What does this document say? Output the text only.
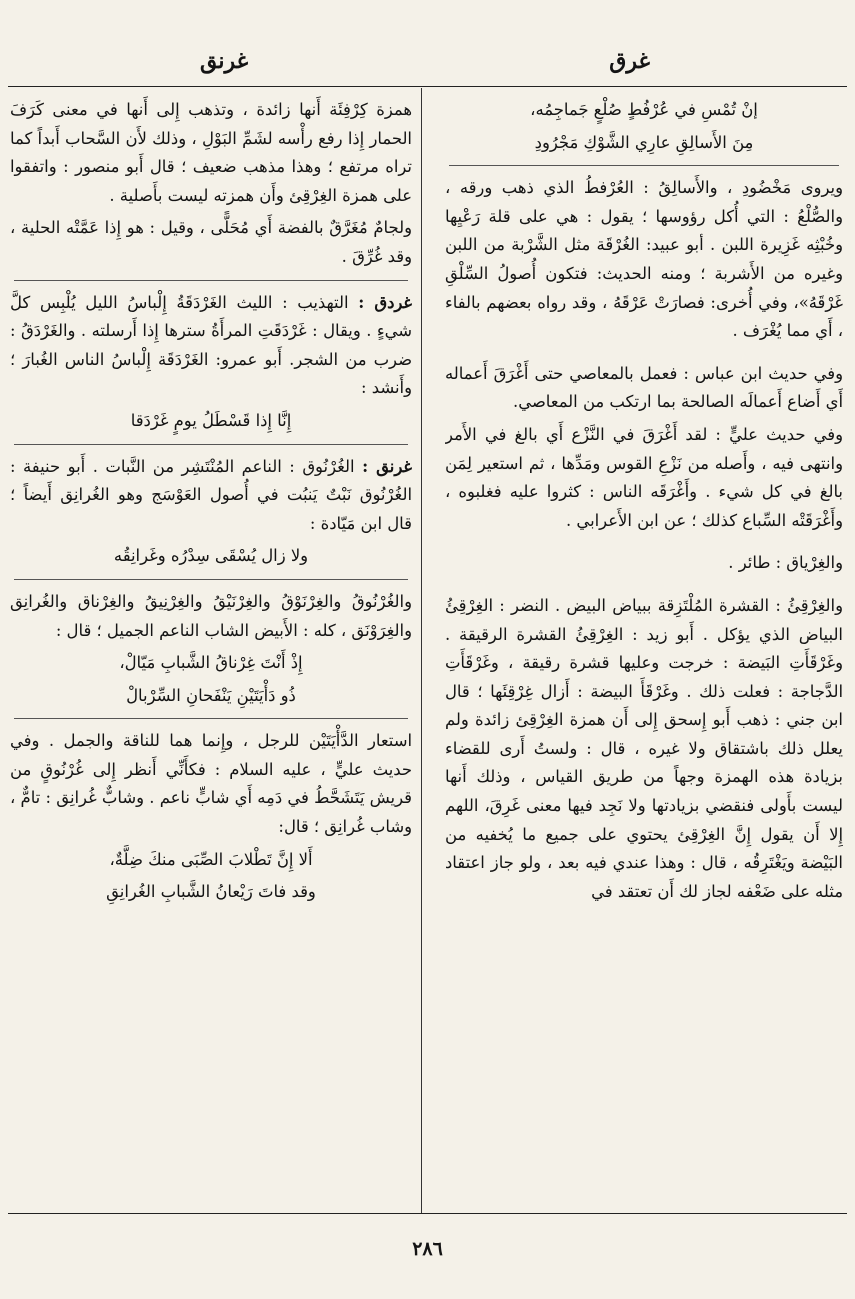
غرق
غرنق

إنْ تُمْسِ في عُرْفُطٍ صُلْعٍ جَماجِمُه،

مِنَ الأَسالِقِ عارِي الشَّوْكِ مَجْرُودِ

ويروى مَخْضُودِ ، والأَسالِقُ : العُرْفطُ الذي ذهب ورقه ، والصُّلْعُ : التي أُكل رؤوسها ؛ يقول : هي على قلة رَعْيِها وخُبْثِه غَزِيرة اللبن . أبو عبيد: الغُرْقَة مثل الشَّرْبة من اللبن وغيره من الأَشربة ؛ ومنه الحديث: فتكون أُصولُ السِّلْقِ غَرْقَهُ»، وفي أُخرى: فصارَتْ عَرْقَهُ ، وقد رواه بعضهم بالفاء ، أَي مما يُغْرَف .

وفي حديث ابن عباس : فعمل بالمعاصي حتى أَغْرَقَ أَعماله أَي أَضاع أَعمالَه الصالحة بما ارتكب من المعاصي.

وفي حديث عليٍّ : لقد أَغْرَقَ في النَّزْع أَي بالغ في الأَمر وانتهى فيه ، وأَصله من نَزْعِ القوس ومَدِّها ، ثم استعير لِمَن بالغ في كل شيء . وأَغْرَقَه الناس : كثروا عليه فغلبوه ، وأَغْرَقَتْه السِّباع كذلك ؛ عن ابن الأَعرابي .

والغِرْياق : طائر .

والغِرْقِئُ : القشرة المُلْتَزِقة ببياض البيض . النضر : الغِرْقِئُ البياض الذي يؤكل . أَبو زيد : الغِرْقِئُ القشرة الرقيقة . وغَرْقَأَتِ البَيضة : خرجت وعليها قشرة رقيقة ، وغَرْقَأَتِ الدَّجاجة : فعلت ذلك . وغَرْقَأَ البيضة : أَزال غِرْقِئَها ؛ قال ابن جني : ذهب أَبو إِسحق إِلى أَن همزة الغِرْقِئ زائدة ولم يعلل ذلك باشتقاق ولا غيره ، قال : ولستُ أَرى للقضاء بزيادة هذه الهمزة وجهاً من طريق القياس ، وذلك أَنها ليست بأَولى فنقضي بزيادتها ولا نَجِد فيها معنى غَرِقَ، اللهم إِلا أَن يقول إِنَّ الغِرْقِئ يحتوي على جميع ما يُخفيه من البَيْضة ويَغْتَرِقُه ، قال : وهذا عندي فيه بعد ، ولو جاز اعتقاد مثله على ضَعْفه لجاز لك أَن تعتقد في

همزة كِرْفِئَة أَنها زائدة ، وتذهب إِلى أَنها في معنى كَرَفَ الحمار إِذا رفع رأْسه لشَمِّ البَوْلِ ، وذلك لأَن السَّحاب أَبداً كما تراه مرتفع ؛ وهذا مذهب ضعيف ؛ قال أَبو منصور : واتفقوا على همزة الغِرْقِئ وأَن همزته ليست بأَصلية .

ولجامٌ مُغَرَّقٌ بالفضة أَي مُحَلًّى ، وقيل : هو إِذا عَمَّتْه الحلية ، وقد غُرِّقَ .

غردق : التهذيب : الليث الغَرْدَقَةُ إِلْباسُ الليل يُلْبِس كلَّ شيءٍ . ويقال : غَرْدَقَتِ المرأَةُ سترها إِذا أَرسلته . والغَرْدَقُ : ضرب من الشجر. أَبو عمرو: الغَرْدَقَة إِلْباسُ الناس الغُبارَ ؛ وأَنشد :

إِنَّا إِذا قَسْطَلُ يومٍ غَرْدَقا

غرنق : الغُرْنُوق : الناعم المُنْتَشِر من النَّبات . أَبو حنيفة : الغُرْنُوق نَبْتٌ يَنبُت في أُصول العَوْسَج وهو الغُرانِق أَيضاً ؛ قال ابن مَيّادة :

ولا زال يُسْقَى سِدْرُه وغَرانِقُه

والغُرْنُوقُ والغِرْنَوْقُ والغِرْنَيْقُ والغِرْنِيقُ والغِرْناق والغُرانِق والغِرَوْنَق ، كله : الأَبيض الشاب الناعم الجميل ؛ قال :

إِذْ أَنْتَ غِرْناقُ الشَّبابِ مَيّالْ،

ذُو دَأْيَتَيْنِ يَنْفَحانِ السِّرْبالْ

استعار الدَّأْيَتَيْن للرجل ، وإِنما هما للناقة والجمل . وفي حديث عليٍّ ، عليه السلام : فكأَنِّي أَنظر إِلى غُرْنُوقٍ من قريش يَتَشَحَّطُ في دَمِه أَي شابٍّ ناعم . وشابٌّ غُرانِق : تامٌّ ، وشاب غُرانِق ؛ قال:

أَلا إِنَّ تَطْلابَ الصِّبَى منكَ ضِلَّةٌ،

وقد فاتَ رَيْعانُ الشَّبابِ الغُرانِقِ

٢٨٦
